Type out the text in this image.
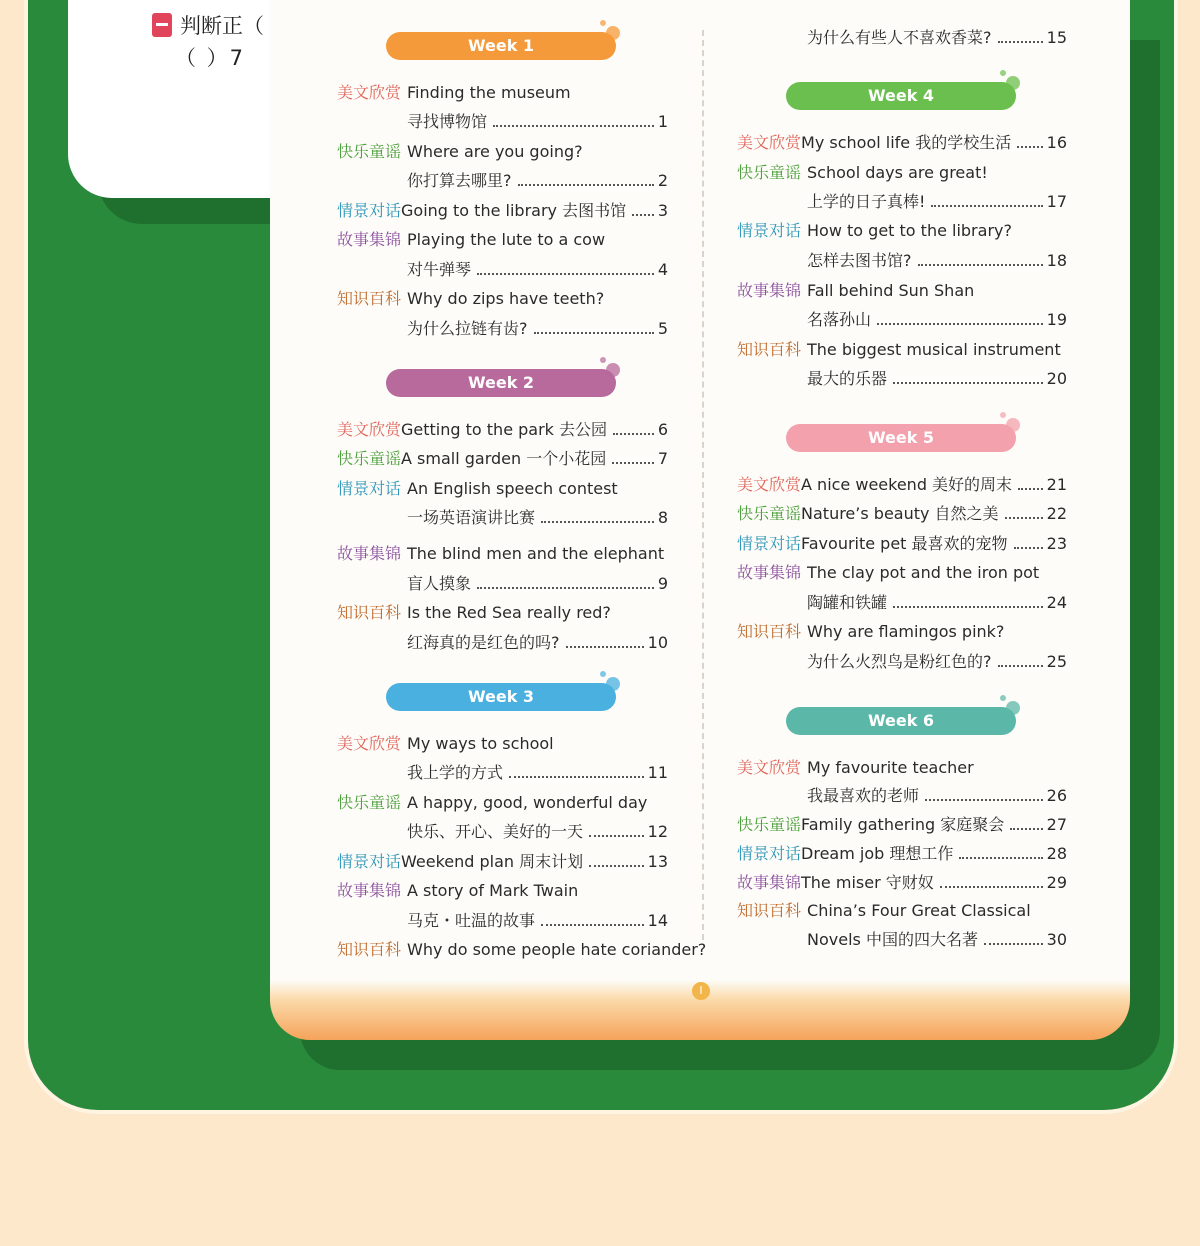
判断正（
（ ）7
Week 1
美文欣赏 Finding the museum
寻找博物馆	1
快乐童谣 Where are you going?
你打算去哪里?	2
情景对话 Going to the library 去图书馆 3
故事集锦 Playing the lute to a cow
对牛弹琴	4
知识百科 Why do zips have teeth?
为什么拉链有齿?	5
Week 2
美文欣赏 Getting to the park 去公园	6
快乐童谣 A small garden 一个小花园	7
情景对话 An English speech contest
一场英语演讲比赛	8
故事集锦 The blind men and the elephant
盲人摸象	9
知识百科 Is the Red Sea really red?
红海真的是红色的吗?	10
Week 3
美文欣赏 My ways to school
我上学的方式	11
快乐童谣 A happy, good, wonderful day
快乐、开心、美好的一天	12
情景对话 Weekend plan 周末计划	13
故事集锦 A story of Mark Twain
马克・吐温的故事	14
知识百科 Why do some people hate coriander?
为什么有些人不喜欢香菜?	15
Week 4
美文欣赏 My school life 我的学校生活 16
快乐童谣 School days are great!
上学的日子真棒!	17
情景对话 How to get to the library?
怎样去图书馆?	18
故事集锦 Fall behind Sun Shan
名落孙山	19
知识百科 The biggest musical instrument
最大的乐器	20
Week 5
美文欣赏 A nice weekend 美好的周末 21
快乐童谣 Nature’s beauty 自然之美	22
情景对话 Favourite pet 最喜欢的宠物 23
故事集锦 The clay pot and the iron pot
陶罐和铁罐	24
知识百科 Why are flamingos pink?
为什么火烈鸟是粉红色的?	25
Week 6
美文欣赏 My favourite teacher
我最喜欢的老师	26
快乐童谣 Family gathering 家庭聚会	27
情景对话 Dream job 理想工作	28
故事集锦 The miser 守财奴	29
知识百科 China’s Four Great Classical
Novels 中国的四大名著	30
I
